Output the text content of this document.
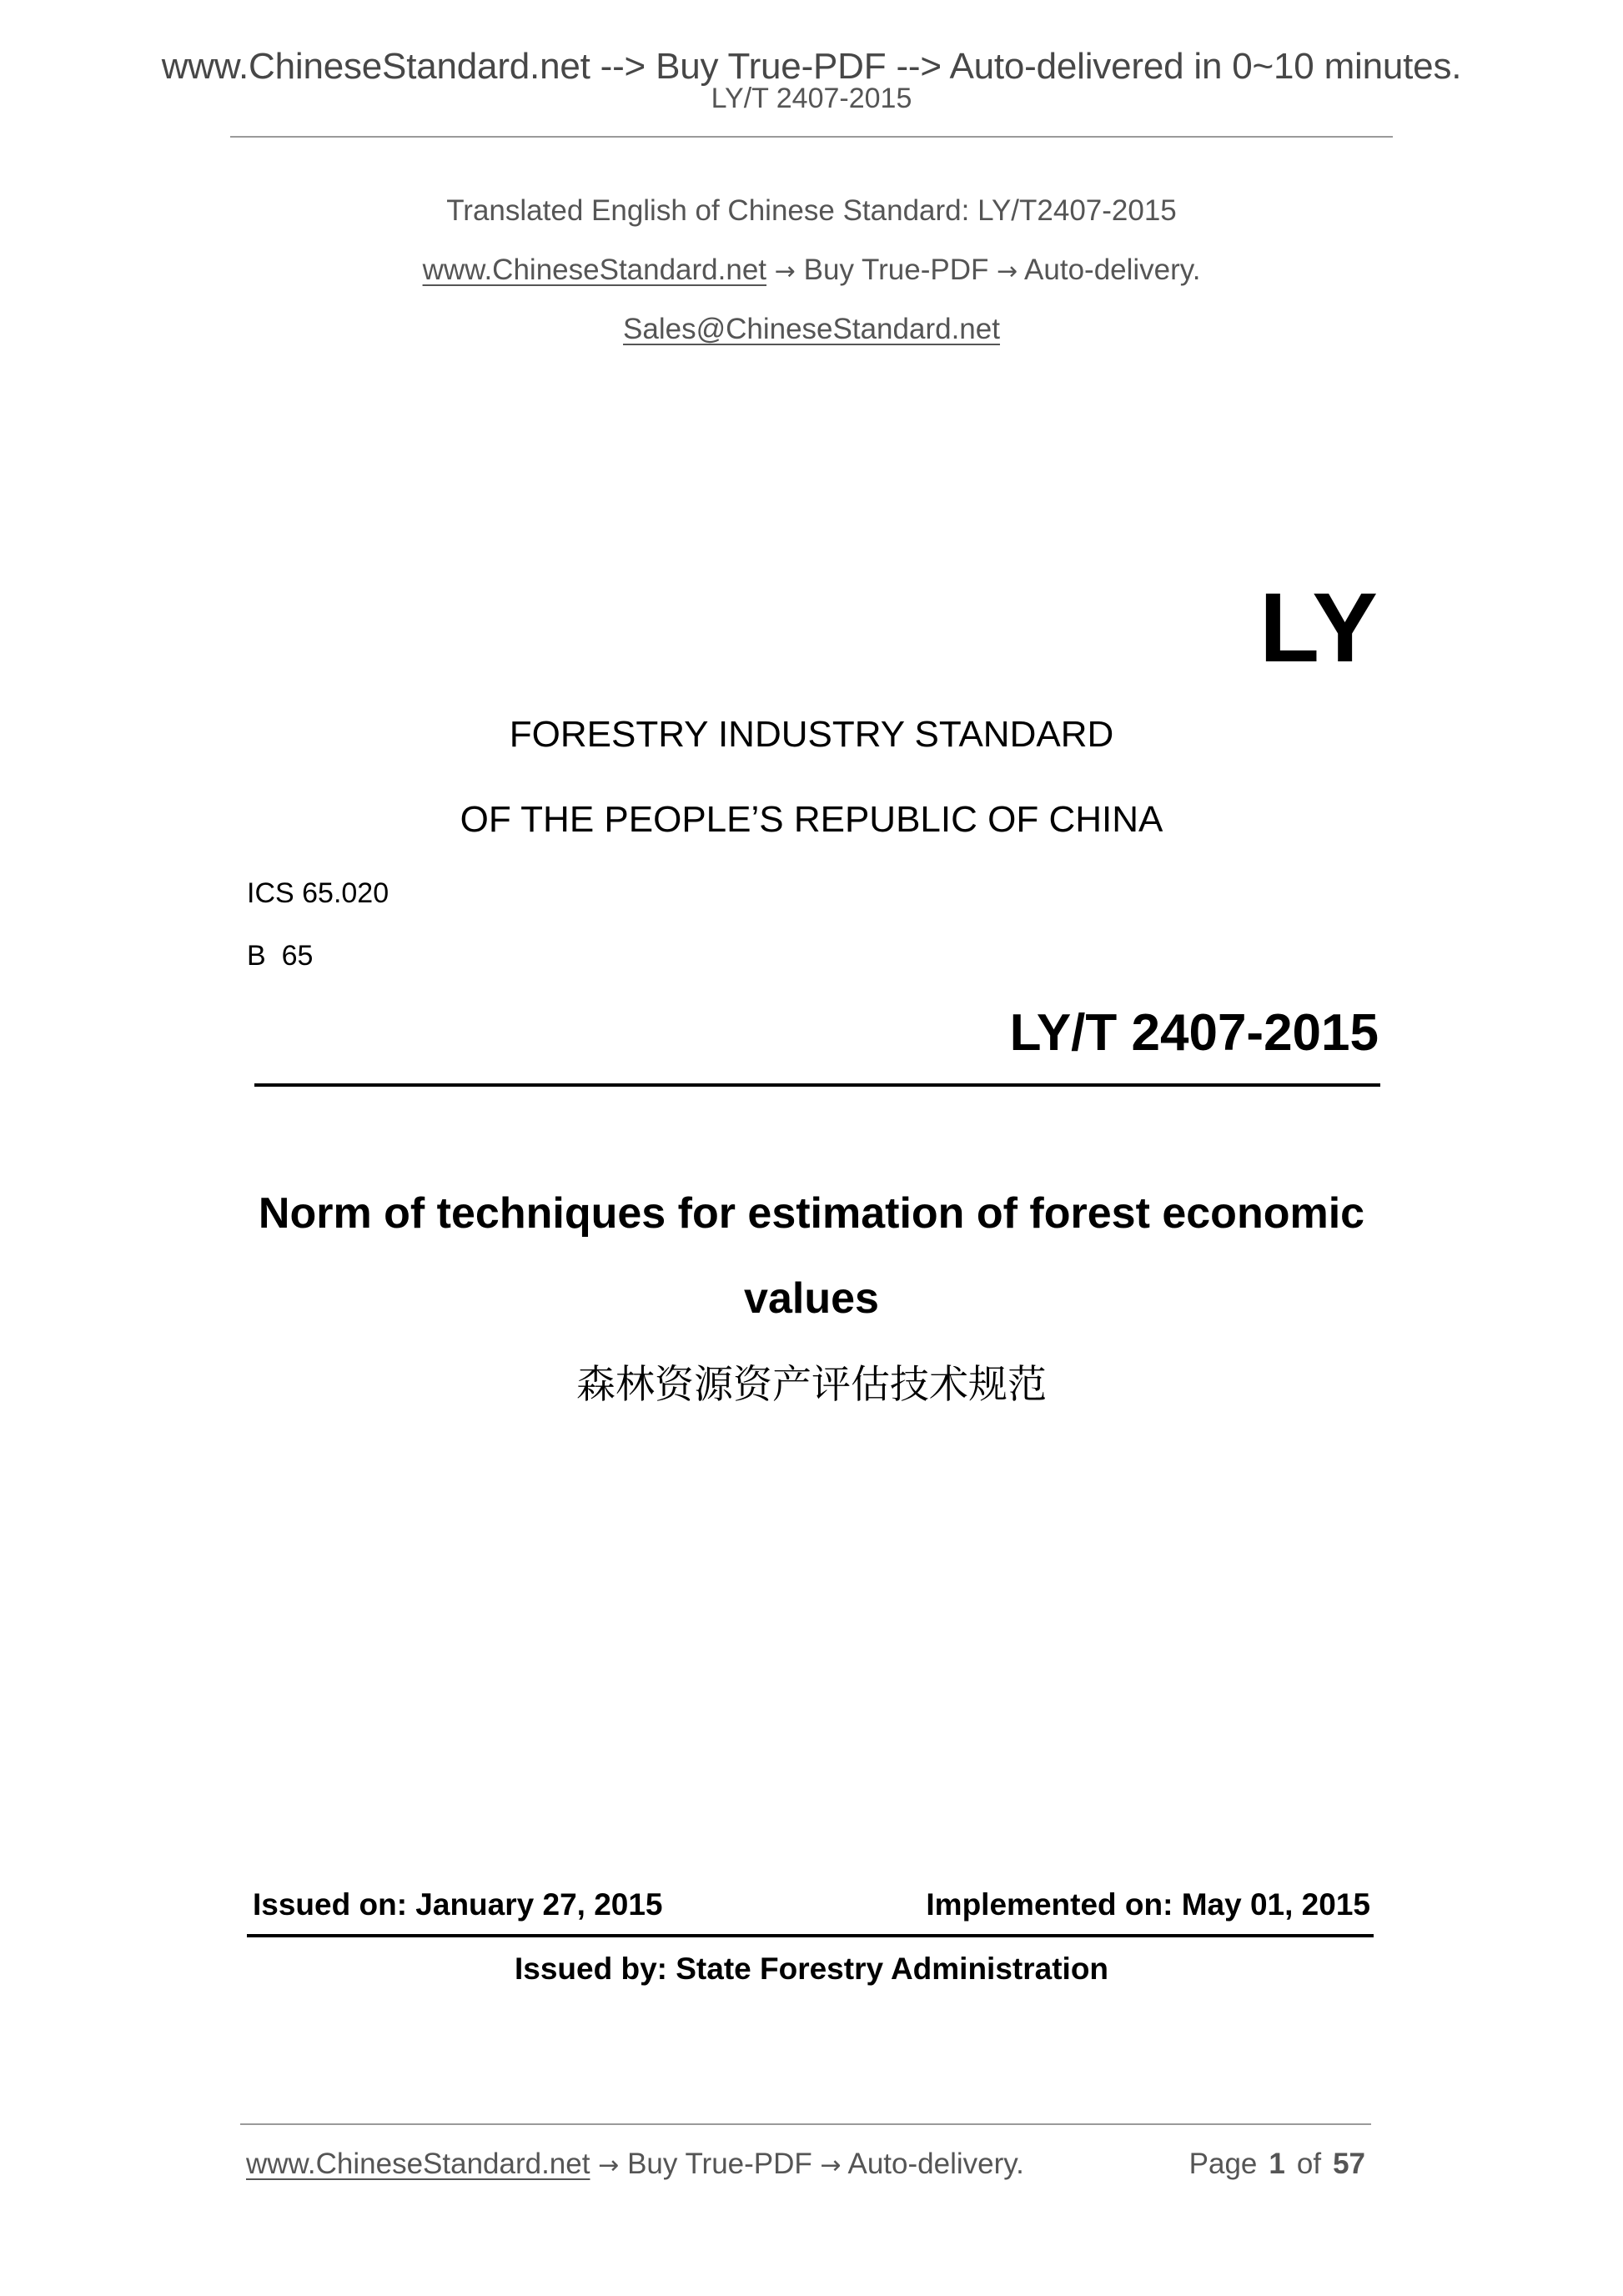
www.ChineseStandard.net --> Buy True-PDF --> Auto-delivered in 0~10 minutes.
LY/T 2407-2015
Translated English of Chinese Standard: LY/T2407-2015
www.ChineseStandard.net → Buy True-PDF → Auto-delivery.
Sales@ChineseStandard.net
LY
FORESTRY INDUSTRY STANDARD
OF THE PEOPLE’S REPUBLIC OF CHINA
ICS 65.020
B  65
LY/T 2407-2015
Norm of techniques for estimation of forest economic
values
森林资源资产评估技术规范
Issued on: January 27, 2015	Implemented on: May 01, 2015
Issued by: State Forestry Administration
www.ChineseStandard.net → Buy True-PDF → Auto-delivery.	Page 1 of 57
